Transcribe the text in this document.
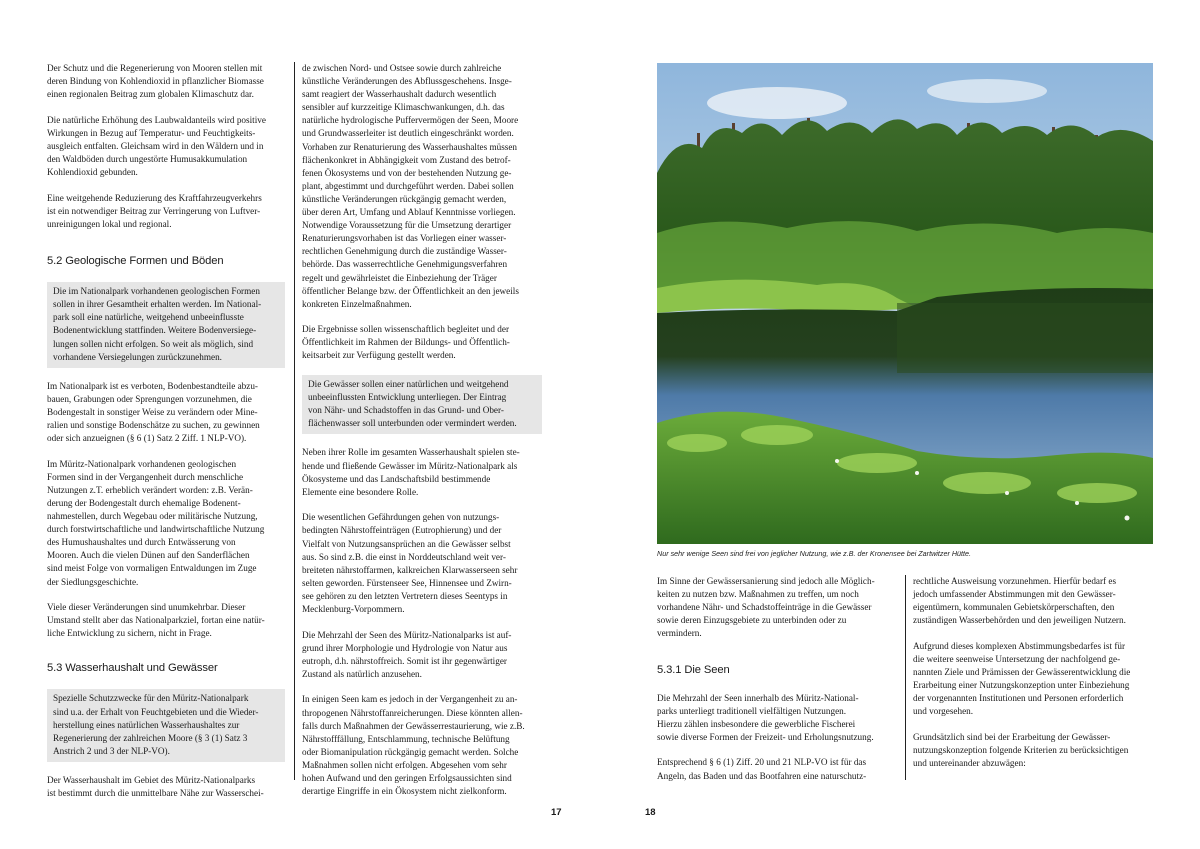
Der Schutz und die Regenerierung von Mooren stellen mit
deren Bindung von Kohlendioxid in pflanzlicher Biomasse
einen regionalen Beitrag zum globalen Klimaschutz dar.

Die natürliche Erhöhung des Laubwaldanteils wird positive
Wirkungen in Bezug auf Temperatur- und Feuchtigkeits-
ausgleich entfalten. Gleichsam wird in den Wäldern und in
den Waldböden durch ungestörte Humusakkumulation
Kohlendioxid gebunden.

Eine weitgehende Reduzierung des Kraftfahrzeugverkehrs
ist ein notwendiger Beitrag zur Verringerung von Luftver-
unreinigungen lokal und regional.

5.2 Geologische Formen und Böden
Die im Nationalpark vorhandenen geologischen Formen
sollen in ihrer Gesamtheit erhalten werden. Im National-
park soll eine natürliche, weitgehend unbeeinflusste
Bodenentwicklung stattfinden. Weitere Bodenversiege-
lungen sollen nicht erfolgen. So weit als möglich, sind
vorhandene Versiegelungen zurückzunehmen.

Im Nationalpark ist es verboten, Bodenbestandteile abzu-
bauen, Grabungen oder Sprengungen vorzunehmen, die
Bodengestalt in sonstiger Weise zu verändern oder Mine-
ralien und sonstige Bodenschätze zu suchen, zu gewinnen
oder sich anzueignen (§ 6 (1) Satz 2 Ziff. 1 NLP-VO).

Im Müritz-Nationalpark vorhandenen geologischen
Formen sind in der Vergangenheit durch menschliche
Nutzungen z.T. erheblich verändert worden: z.B. Verän-
derung der Bodengestalt durch ehemalige Bodenent-
nahmestellen, durch Wegebau oder militärische Nutzung,
durch forstwirtschaftliche und landwirtschaftliche Nutzung
des Humushaushaltes und durch Entwässerung von
Mooren. Auch die vielen Dünen auf den Sanderflächen
sind meist Folge von vormaligen Entwaldungen im Zuge
der Siedlungsgeschichte.

Viele dieser Veränderungen sind unumkehrbar. Dieser
Umstand stellt aber das Nationalparkziel, fortan eine natür-
liche Entwicklung zu sichern, nicht in Frage.

5.3 Wasserhaushalt und Gewässer
Spezielle Schutzzwecke für den Müritz-Nationalpark
sind u.a. der Erhalt von Feuchtgebieten und die Wieder-
herstellung eines natürlichen Wasserhaushaltes zur
Regenerierung der zahlreichen Moore (§ 3 (1) Satz 3
Anstrich 2 und 3 der NLP-VO).

Der Wasserhaushalt im Gebiet des Müritz-Nationalparks
ist bestimmt durch die unmittelbare Nähe zur Wasserschei-

de zwischen Nord- und Ostsee sowie durch zahlreiche
künstliche Veränderungen des Abflussgeschehens. Insge-
samt reagiert der Wasserhaushalt dadurch wesentlich
sensibler auf kurzzeitige Klimaschwankungen, d.h. das
natürliche hydrologische Puffervermögen der Seen, Moore
und Grundwasserleiter ist deutlich eingeschränkt worden.
Vorhaben zur Renaturierung des Wasserhaushaltes müssen
flächenkonkret in Abhängigkeit vom Zustand des betrof-
fenen Ökosystems und von der bestehenden Nutzung ge-
plant, abgestimmt und durchgeführt werden. Dabei sollen
künstliche Veränderungen rückgängig gemacht werden,
über deren Art, Umfang und Ablauf Kenntnisse vorliegen.
Notwendige Voraussetzung für die Umsetzung derartiger
Renaturierungsvorhaben ist das Vorliegen einer wasser-
rechtlichen Genehmigung durch die zuständige Wasser-
behörde. Das wasserrechtliche Genehmigungsverfahren
regelt und gewährleistet die Einbeziehung der Träger
öffentlicher Belange bzw. der Öffentlichkeit an den jeweils
konkreten Einzelmaßnahmen.

Die Ergebnisse sollen wissenschaftlich begleitet und der
Öffentlichkeit im Rahmen der Bildungs- und Öffentlich-
keitsarbeit zur Verfügung gestellt werden.

Die Gewässer sollen einer natürlichen und weitgehend
unbeeinflussten Entwicklung unterliegen. Der Eintrag
von Nähr- und Schadstoffen in das Grund- und Ober-
flächenwasser soll unterbunden oder vermindert werden.

Neben ihrer Rolle im gesamten Wasserhaushalt spielen ste-
hende und fließende Gewässer im Müritz-Nationalpark als
Ökosysteme und das Landschaftsbild bestimmende
Elemente eine besondere Rolle.

Die wesentlichen Gefährdungen gehen von nutzungs-
bedingten Nährstoffeinträgen (Eutrophierung) und der
Vielfalt von Nutzungsansprüchen an die Gewässer selbst
aus. So sind z.B. die einst in Norddeutschland weit ver-
breiteten nährstoffarmen, kalkreichen Klarwasserseen sehr
selten geworden. Fürstenseer See, Hinnensee und Zwirn-
see gehören zu den letzten Vertretern dieses Seentyps in
Mecklenburg-Vorpommern.

Die Mehrzahl der Seen des Müritz-Nationalparks ist auf-
grund ihrer Morphologie und Hydrologie von Natur aus
eutroph, d.h. nährstoffreich. Somit ist ihr gegenwärtiger
Zustand als natürlich anzusehen.

In einigen Seen kam es jedoch in der Vergangenheit zu an-
thropogenen Nährstoffanreicherungen. Diese könnten allen-
falls durch Maßnahmen der Gewässerrestaurierung, wie z.B.
Nährstofffällung, Entschlammung, technische Belüftung
oder Biomanipulation rückgängig gemacht werden. Solche
Maßnahmen sollen nicht erfolgen. Abgesehen vom sehr
hohen Aufwand und den geringen Erfolgsaussichten sind
derartige Eingriffe in ein Ökosystem nicht zielkonform.

17
Nur sehr wenige Seen sind frei von jeglicher Nutzung, wie z.B. der Kronensee bei Zartwitzer Hütte.

Im Sinne der Gewässersanierung sind jedoch alle Möglich-
keiten zu nutzen bzw. Maßnahmen zu treffen, um noch
vorhandene Nähr- und Schadstoffeinträge in die Gewässer
sowie deren Einzugsgebiete zu unterbinden oder zu
vermindern.

5.3.1 Die Seen

Die Mehrzahl der Seen innerhalb des Müritz-National-
parks unterliegt traditionell vielfältigen Nutzungen.
Hierzu zählen insbesondere die gewerbliche Fischerei
sowie diverse Formen der Freizeit- und Erholungsnutzung.

Entsprechend § 6 (1) Ziff. 20 und 21 NLP-VO ist für das
Angeln, das Baden und das Bootfahren eine naturschutz-

rechtliche Ausweisung vorzunehmen. Hierfür bedarf es
jedoch umfassender Abstimmungen mit den Gewässer-
eigentümern, kommunalen Gebietskörperschaften, den
zuständigen Wasserbehörden und den jeweiligen Nutzern.

Aufgrund dieses komplexen Abstimmungsbedarfes ist für
die weitere seenweise Untersetzung der nachfolgend ge-
nannten Ziele und Prämissen der Gewässerentwicklung die
Erarbeitung einer Nutzungskonzeption unter Einbeziehung
der vorgenannten Institutionen und Personen erforderlich
und vorgesehen.

Grundsätzlich sind bei der Erarbeitung der Gewässer-
nutzungskonzeption folgende Kriterien zu berücksichtigen
und untereinander abzuwägen:

18
